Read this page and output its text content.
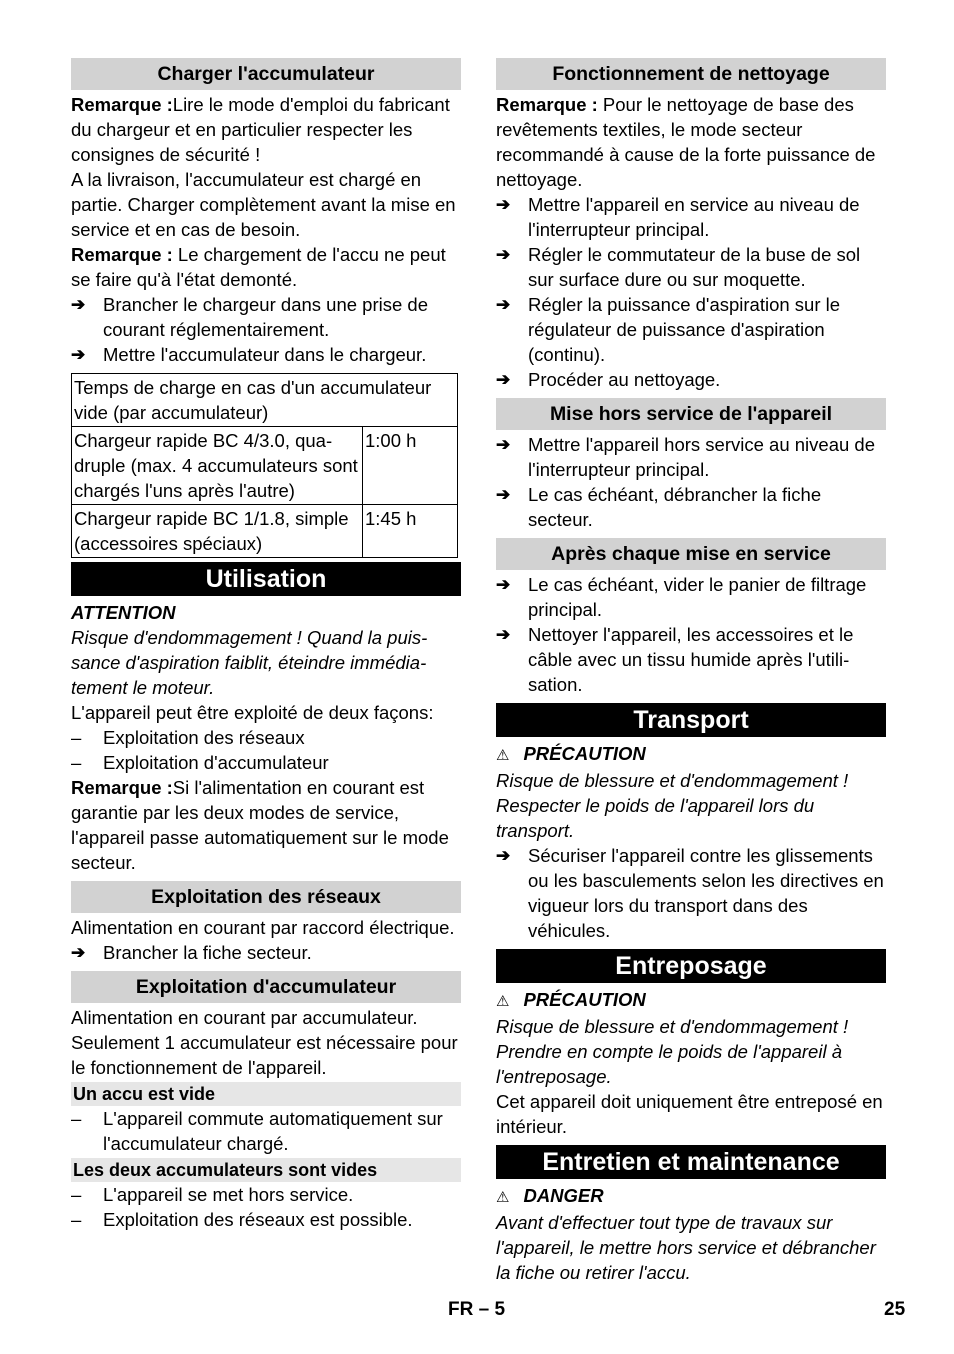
Charger l'accumulateur

Remarque :Lire le mode d'emploi du fabricant du chargeur et en particulier respecter les consignes de sécurité !

A la livraison, l'accumulateur est chargé en partie. Charger complètement avant la mise en service et en cas de besoin.

Remarque : Le chargement de l'accu ne peut se faire qu'à l'état demonté.

➔ Brancher le chargeur dans une prise de courant réglementairement.
➔ Mettre l'accumulateur dans le chargeur.
Temps de charge en cas d'un accumulateur vide (par accumulateur)	
Chargeur rapide BC 4/3.0, quadruple (max. 4 accumulateurs sont chargés l'uns après l'autre)	1:00 h
Chargeur rapide BC 1/1.8, simple (accessoires spéciaux)	1:45 h
Utilisation

ATTENTION

Risque d'endommagement ! Quand la puissance d'aspiration faiblit, éteindre immédiatement le moteur.

L'appareil peut être exploité de deux façons:

–	Exploitation des réseaux
–	Exploitation d'accumulateur

Remarque :Si l'alimentation en courant est garantie par les deux modes de service, l'appareil passe automatiquement sur le mode secteur.

Exploitation des réseaux

Alimentation en courant par raccord électrique.

➔ Brancher la fiche secteur.
Exploitation d'accumulateur

Alimentation en courant par accumulateur. Seulement 1 accumulateur est nécessaire pour le fonctionnement de l'appareil.

Un accu est vide
–	L'appareil commute automatiquement sur l'accumulateur chargé.
Les deux accumulateurs sont vides
–	L'appareil se met hors service.
–	Exploitation des réseaux est possible.
Fonctionnement de nettoyage

Remarque : Pour le nettoyage de base des revêtements textiles, le mode secteur recommandé à cause de la forte puissance de nettoyage.

➔ Mettre l'appareil en service au niveau de l'interrupteur principal.
➔ Régler le commutateur de la buse de sol sur surface dure ou sur moquette.
➔ Régler la puissance d'aspiration sur le régulateur de puissance d'aspiration (continu).
➔ Procéder au nettoyage.
Mise hors service de l'appareil
➔ Mettre l'appareil hors service au niveau de l'interrupteur principal.
➔ Le cas échéant, débrancher la fiche secteur.
Après chaque mise en service
➔ Le cas échéant, vider le panier de filtrage principal.
➔ Nettoyer l'appareil, les accessoires et le câble avec un tissu humide après l'utilisation.
Transport

⚠ PRÉCAUTION

Risque de blessure et d'endommagement ! Respecter le poids de l'appareil lors du transport.

➔ Sécuriser l'appareil contre les glissements ou les basculements selon les directives en vigueur lors du transport dans des véhicules.
Entreposage

⚠ PRÉCAUTION

Risque de blessure et d'endommagement ! Prendre en compte le poids de l'appareil à l'entreposage.

Cet appareil doit uniquement être entreposé en intérieur.

Entretien et maintenance

⚠ DANGER

Avant d'effectuer tout type de travaux sur l'appareil, le mettre hors service et débrancher la fiche ou retirer l'accu.

FR – 5	25
